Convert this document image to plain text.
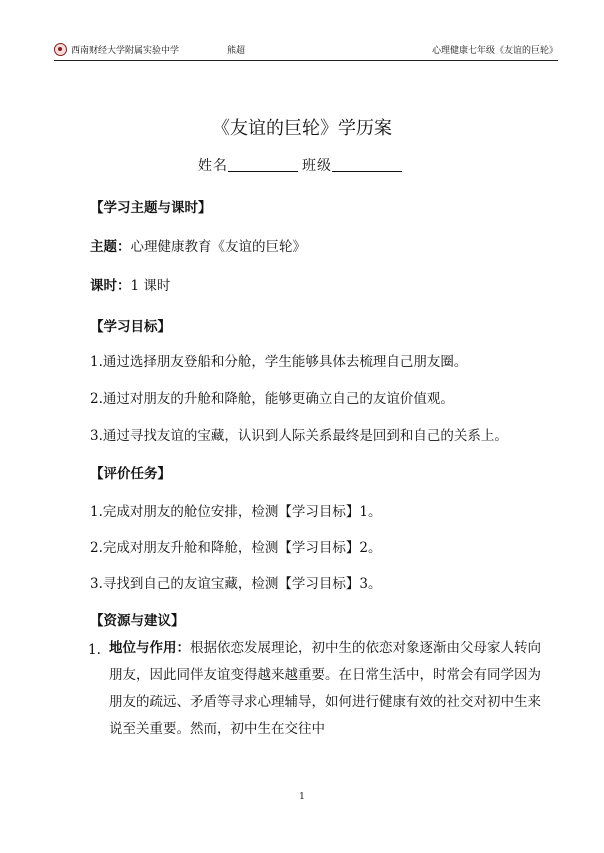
西南财经大学附属实验中学	熊超	心理健康七年级《友谊的巨轮》
《友谊的巨轮》学历案
姓名	班级
【学习主题与课时】
主题：心理健康教育《友谊的巨轮》
课时：1 课时
【学习目标】
1.通过选择朋友登船和分舱，学生能够具体去梳理自己朋友圈。
2.通过对朋友的升舱和降舱，能够更确立自己的友谊价值观。
3.通过寻找友谊的宝藏，认识到人际关系最终是回到和自己的关系上。
【评价任务】
1.完成对朋友的舱位安排，检测【学习目标】1。
2.完成对朋友升舱和降舱，检测【学习目标】2。
3.寻找到自己的友谊宝藏，检测【学习目标】3。
【资源与建议】
1. 地位与作用：根据依恋发展理论，初中生的依恋对象逐渐由父母家人转向朋友，因此同伴友谊变得越来越重要。在日常生活中，时常会有同学因为朋友的疏远、矛盾等寻求心理辅导，如何进行健康有效的社交对初中生来说至关重要。然而，初中生在交往中
1
